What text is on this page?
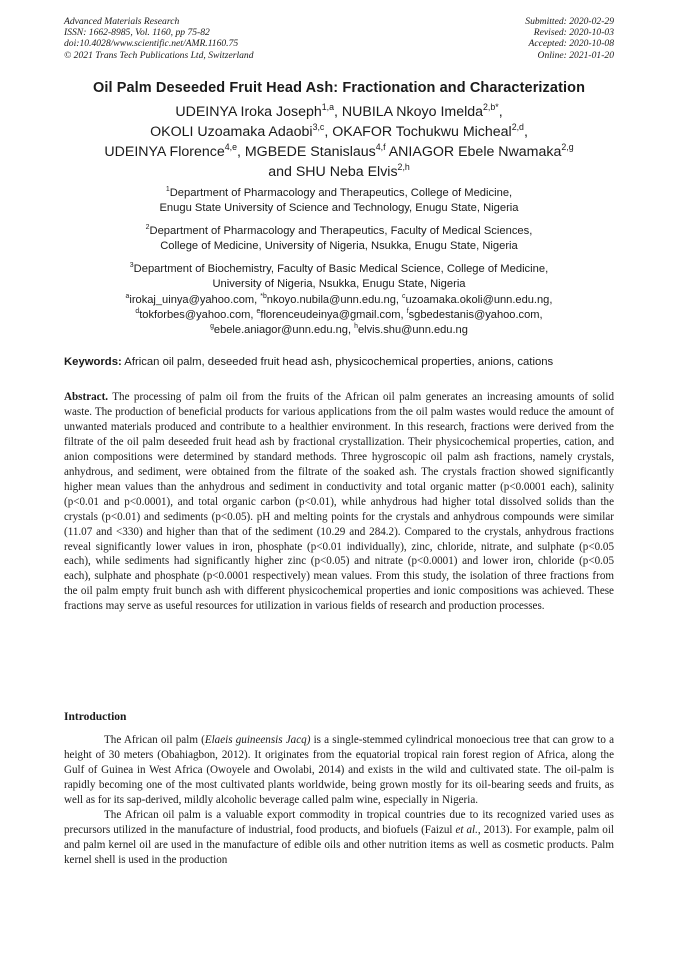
Advanced Materials Research
ISSN: 1662-8985, Vol. 1160, pp 75-82
doi:10.4028/www.scientific.net/AMR.1160.75
© 2021 Trans Tech Publications Ltd, Switzerland
Submitted: 2020-02-29
Revised: 2020-10-03
Accepted: 2020-10-08
Online: 2021-01-20
Oil Palm Deseeded Fruit Head Ash: Fractionation and Characterization
UDEINYA Iroka Joseph$^{1,a}$, NUBILA Nkoyo Imelda$^{2,b*}$,
OKOLI Uzoamaka Adaobi$^{3,c}$, OKAFOR Tochukwu Micheal$^{2,d}$,
UDEINYA Florence$^{4,e}$, MGBEDE Stanislaus$^{4,f}$ ANIAGOR Ebele Nwamaka$^{2,g}$
and SHU Neba Elvis$^{2,h}$
$^1$Department of Pharmacology and Therapeutics, College of Medicine,
Enugu State University of Science and Technology, Enugu State, Nigeria
$^2$Department of Pharmacology and Therapeutics, Faculty of Medical Sciences,
College of Medicine, University of Nigeria, Nsukka, Enugu State, Nigeria
$^3$Department of Biochemistry, Faculty of Basic Medical Science, College of Medicine,
University of Nigeria, Nsukka, Enugu State, Nigeria
$^a$irokaj_uinya@yahoo.com, $^{*b}$nkoyo.nubila@unn.edu.ng, $^c$uzoamaka.okoli@unn.edu.ng,
$^d$tokforbes@yahoo.com, $^e$florenceudeinya@gmail.com, $^f$sgbedestanis@yahoo.com,
$^g$ebele.aniagor@unn.edu.ng, $^h$elvis.shu@unn.edu.ng
Keywords: African oil palm, deseeded fruit head ash, physicochemical properties, anions, cations
Abstract. The processing of palm oil from the fruits of the African oil palm generates an increasing amounts of solid waste. The production of beneficial products for various applications from the oil palm wastes would reduce the amount of unwanted materials produced and contribute to a healthier environment. In this research, fractions were derived from the filtrate of the oil palm deseeded fruit head ash by fractional crystallization. Their physicochemical properties, cation, and anion compositions were determined by standard methods. Three hygroscopic oil palm ash fractions, namely crystals, anhydrous, and sediment, were obtained from the filtrate of the soaked ash. The crystals fraction showed significantly higher mean values than the anhydrous and sediment in conductivity and total organic matter (p<0.0001 each), salinity (p<0.01 and p<0.0001), and total organic carbon (p<0.01), while anhydrous had higher total dissolved solids than the crystals (p<0.01) and sediments (p<0.05). pH and melting points for the crystals and anhydrous compounds were similar (11.07 and <330) and higher than that of the sediment (10.29 and 284.2). Compared to the crystals, anhydrous fractions reveal significantly lower values in iron, phosphate (p<0.01 individually), zinc, chloride, nitrate, and sulphate (p<0.05 each), while sediments had significantly higher zinc (p<0.05) and nitrate (p<0.0001) and lower iron, chloride (p<0.05 each), sulphate and phosphate (p<0.0001 respectively) mean values. From this study, the isolation of three fractions from the oil palm empty fruit bunch ash with different physicochemical properties and ionic compositions was achieved. These fractions may serve as useful resources for utilization in various fields of research and production processes.
Introduction

The African oil palm (Elaeis guineensis Jacq) is a single-stemmed cylindrical monoecious tree that can grow to a height of 30 meters (Obahiagbon, 2012). It originates from the equatorial tropical rain forest region of Africa, along the Gulf of Guinea in West Africa (Owoyele and Owolabi, 2014) and exists in the wild and cultivated state. The oil-palm is rapidly becoming one of the most cultivated plants worldwide, being grown mostly for its oil-bearing seeds and fruits, as well as for its sap-derived, mildly alcoholic beverage called palm wine, especially in Nigeria.

The African oil palm is a valuable export commodity in tropical countries due to its recognized varied uses as precursors utilized in the manufacture of industrial, food products, and biofuels (Faizul et al., 2013). For example, palm oil and palm kernel oil are used in the manufacture of edible oils and other nutrition items as well as cosmetic products. Palm kernel shell is used in the production
